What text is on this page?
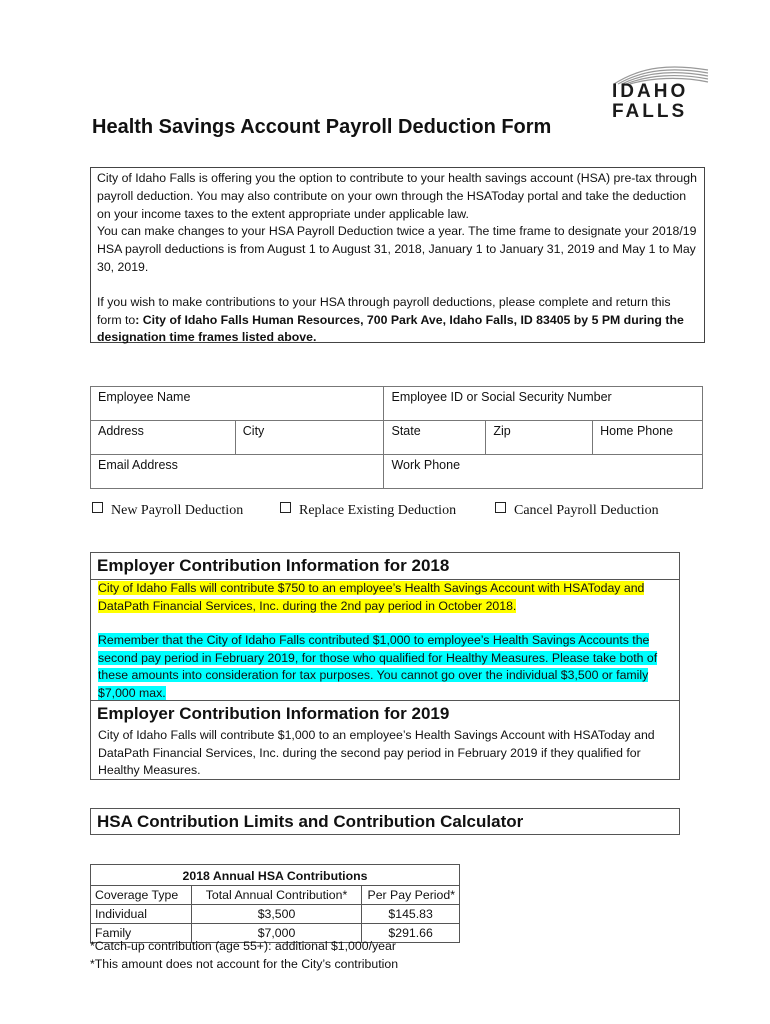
IDAHO
FALLS
Health Savings Account Payroll Deduction Form

City of Idaho Falls is offering you the option to contribute to your health savings account (HSA) pre-tax through payroll deduction. You may also contribute on your own through the HSAToday portal and take the deduction on your income taxes to the extent appropriate under applicable law.

You can make changes to your HSA Payroll Deduction twice a year. The time frame to designate your 2018/19 HSA payroll deductions is from August 1 to August 31, 2018, January 1 to January 31, 2019 and May 1 to May 30, 2019.

If you wish to make contributions to your HSA through payroll deductions, please complete and return this form to: City of Idaho Falls Human Resources, 700 Park Ave, Idaho Falls, ID 83405 by 5 PM during the designation time frames listed above.

Employee Name		Employee ID or Social Security Number		
Address	City	State	Zip	Home Phone
Email Address		Work Phone		
New Payroll Deduction	Replace Existing Deduction	Cancel Payroll Deduction
Employer Contribution Information for 2018

City of Idaho Falls will contribute $750 to an employee’s Health Savings Account with HSAToday and DataPath Financial Services, Inc. during the 2nd pay period in October 2018.

Remember that the City of Idaho Falls contributed $1,000 to employee’s Health Savings Accounts the second pay period in February 2019, for those who qualified for Healthy Measures. Please take both of these amounts into consideration for tax purposes. You cannot go over the individual $3,500 or family $7,000 max.

Employer Contribution Information for 2019

City of Idaho Falls will contribute $1,000 to an employee’s Health Savings Account with HSAToday and DataPath Financial Services, Inc. during the second pay period in February 2019 if they qualified for Healthy Measures.

HSA Contribution Limits and Contribution Calculator
2018 Annual HSA Contributions		
Coverage Type	Total Annual Contribution*	Per Pay Period*
Individual	$3,500	$145.83
Family	$7,000	$291.66
*Catch-up contribution (age 55+): additional $1,000/year
*This amount does not account for the City’s contribution
